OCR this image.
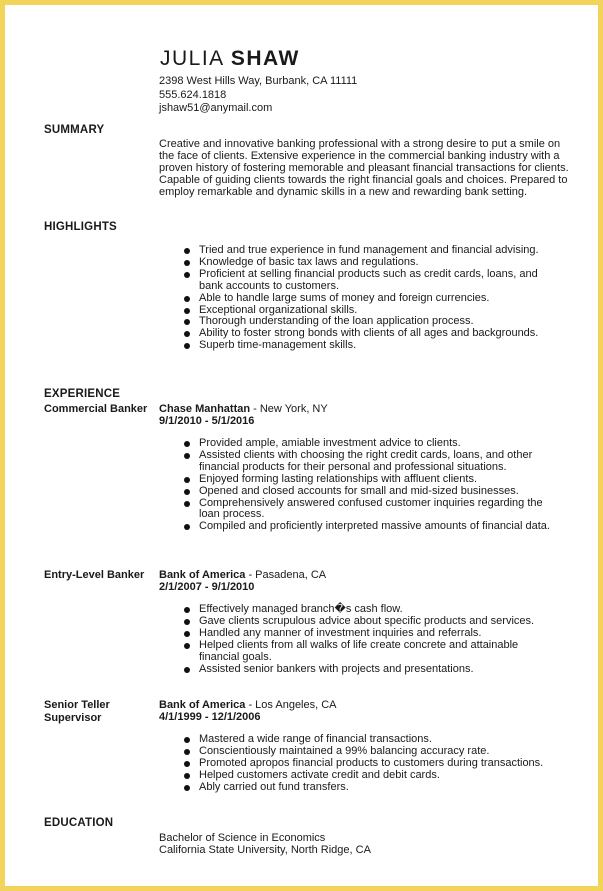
JULIA SHAW
2398 West Hills Way, Burbank, CA 11111
555.624.1818
jshaw51@anymail.com
SUMMARY
Creative and innovative banking professional with a strong desire to put a smile on the face of clients. Extensive experience in the commercial banking industry with a proven history of fostering memorable and pleasant financial transactions for clients. Capable of guiding clients towards the right financial goals and choices. Prepared to employ remarkable and dynamic skills in a new and rewarding bank setting.
HIGHLIGHTS
Tried and true experience in fund management and financial advising.
Knowledge of basic tax laws and regulations.
Proficient at selling financial products such as credit cards, loans, and bank accounts to customers.
Able to handle large sums of money and foreign currencies.
Exceptional organizational skills.
Thorough understanding of the loan application process.
Ability to foster strong bonds with clients of all ages and backgrounds.
Superb time-management skills.
EXPERIENCE
Commercial Banker	Chase Manhattan - New York, NY
9/1/2010 - 5/1/2016
Provided ample, amiable investment advice to clients.
Assisted clients with choosing the right credit cards, loans, and other financial products for their personal and professional situations.
Enjoyed forming lasting relationships with affluent clients.
Opened and closed accounts for small and mid-sized businesses.
Comprehensively answered confused customer inquiries regarding the loan process.
Compiled and proficiently interpreted massive amounts of financial data.
Entry-Level Banker	Bank of America - Pasadena, CA
2/1/2007 - 9/1/2010
Effectively managed branch�s cash flow.
Gave clients scrupulous advice about specific products and services.
Handled any manner of investment inquiries and referrals.
Helped clients from all walks of life create concrete and attainable financial goals.
Assisted senior bankers with projects and presentations.
Senior Teller Supervisor
Bank of America - Los Angeles, CA
4/1/1999 - 12/1/2006
Mastered a wide range of financial transactions.
Conscientiously maintained a 99% balancing accuracy rate.
Promoted apropos financial products to customers during transactions.
Helped customers activate credit and debit cards.
Ably carried out fund transfers.
EDUCATION
Bachelor of Science in Economics
California State University, North Ridge, CA
